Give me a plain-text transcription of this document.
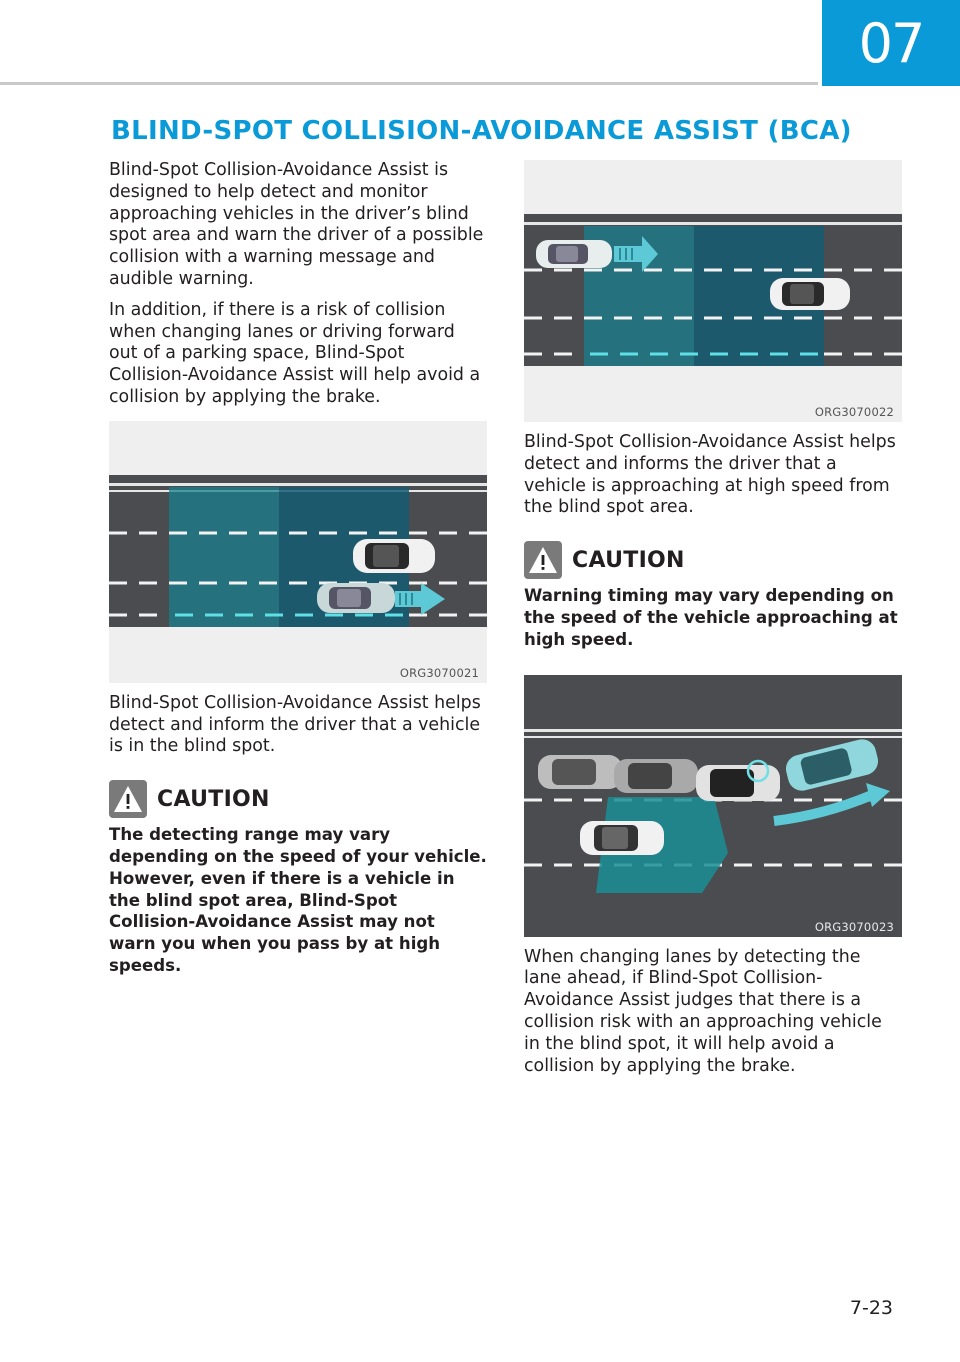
07
BLIND-SPOT COLLISION-AVOIDANCE ASSIST (BCA)

Blind-Spot Collision-Avoidance Assist is designed to help detect and monitor approaching vehicles in the driver’s blind spot area and warn the driver of a possible collision with a warning message and audible warning.

In addition, if there is a risk of collision when changing lanes or driving forward out of a parking space, Blind-Spot Collision-Avoidance Assist will help avoid a collision by applying the brake.

ORG3070021

Blind-Spot Collision-Avoidance Assist helps detect and inform the driver that a vehicle is in the blind spot.

CAUTION

The detecting range may vary depending on the speed of your vehicle. However, even if there is a vehicle in the blind spot area, Blind-Spot Collision-Avoidance Assist may not warn you when you pass by at high speeds.

ORG3070022

Blind-Spot Collision-Avoidance Assist helps detect and informs the driver that a vehicle is approaching at high speed from the blind spot area.

CAUTION

Warning timing may vary depending on the speed of the vehicle approaching at high speed.

ORG3070023

When changing lanes by detecting the lane ahead, if Blind-Spot Collision-Avoidance Assist judges that there is a collision risk with an approaching vehicle in the blind spot, it will help avoid a collision by applying the brake.

7-23
